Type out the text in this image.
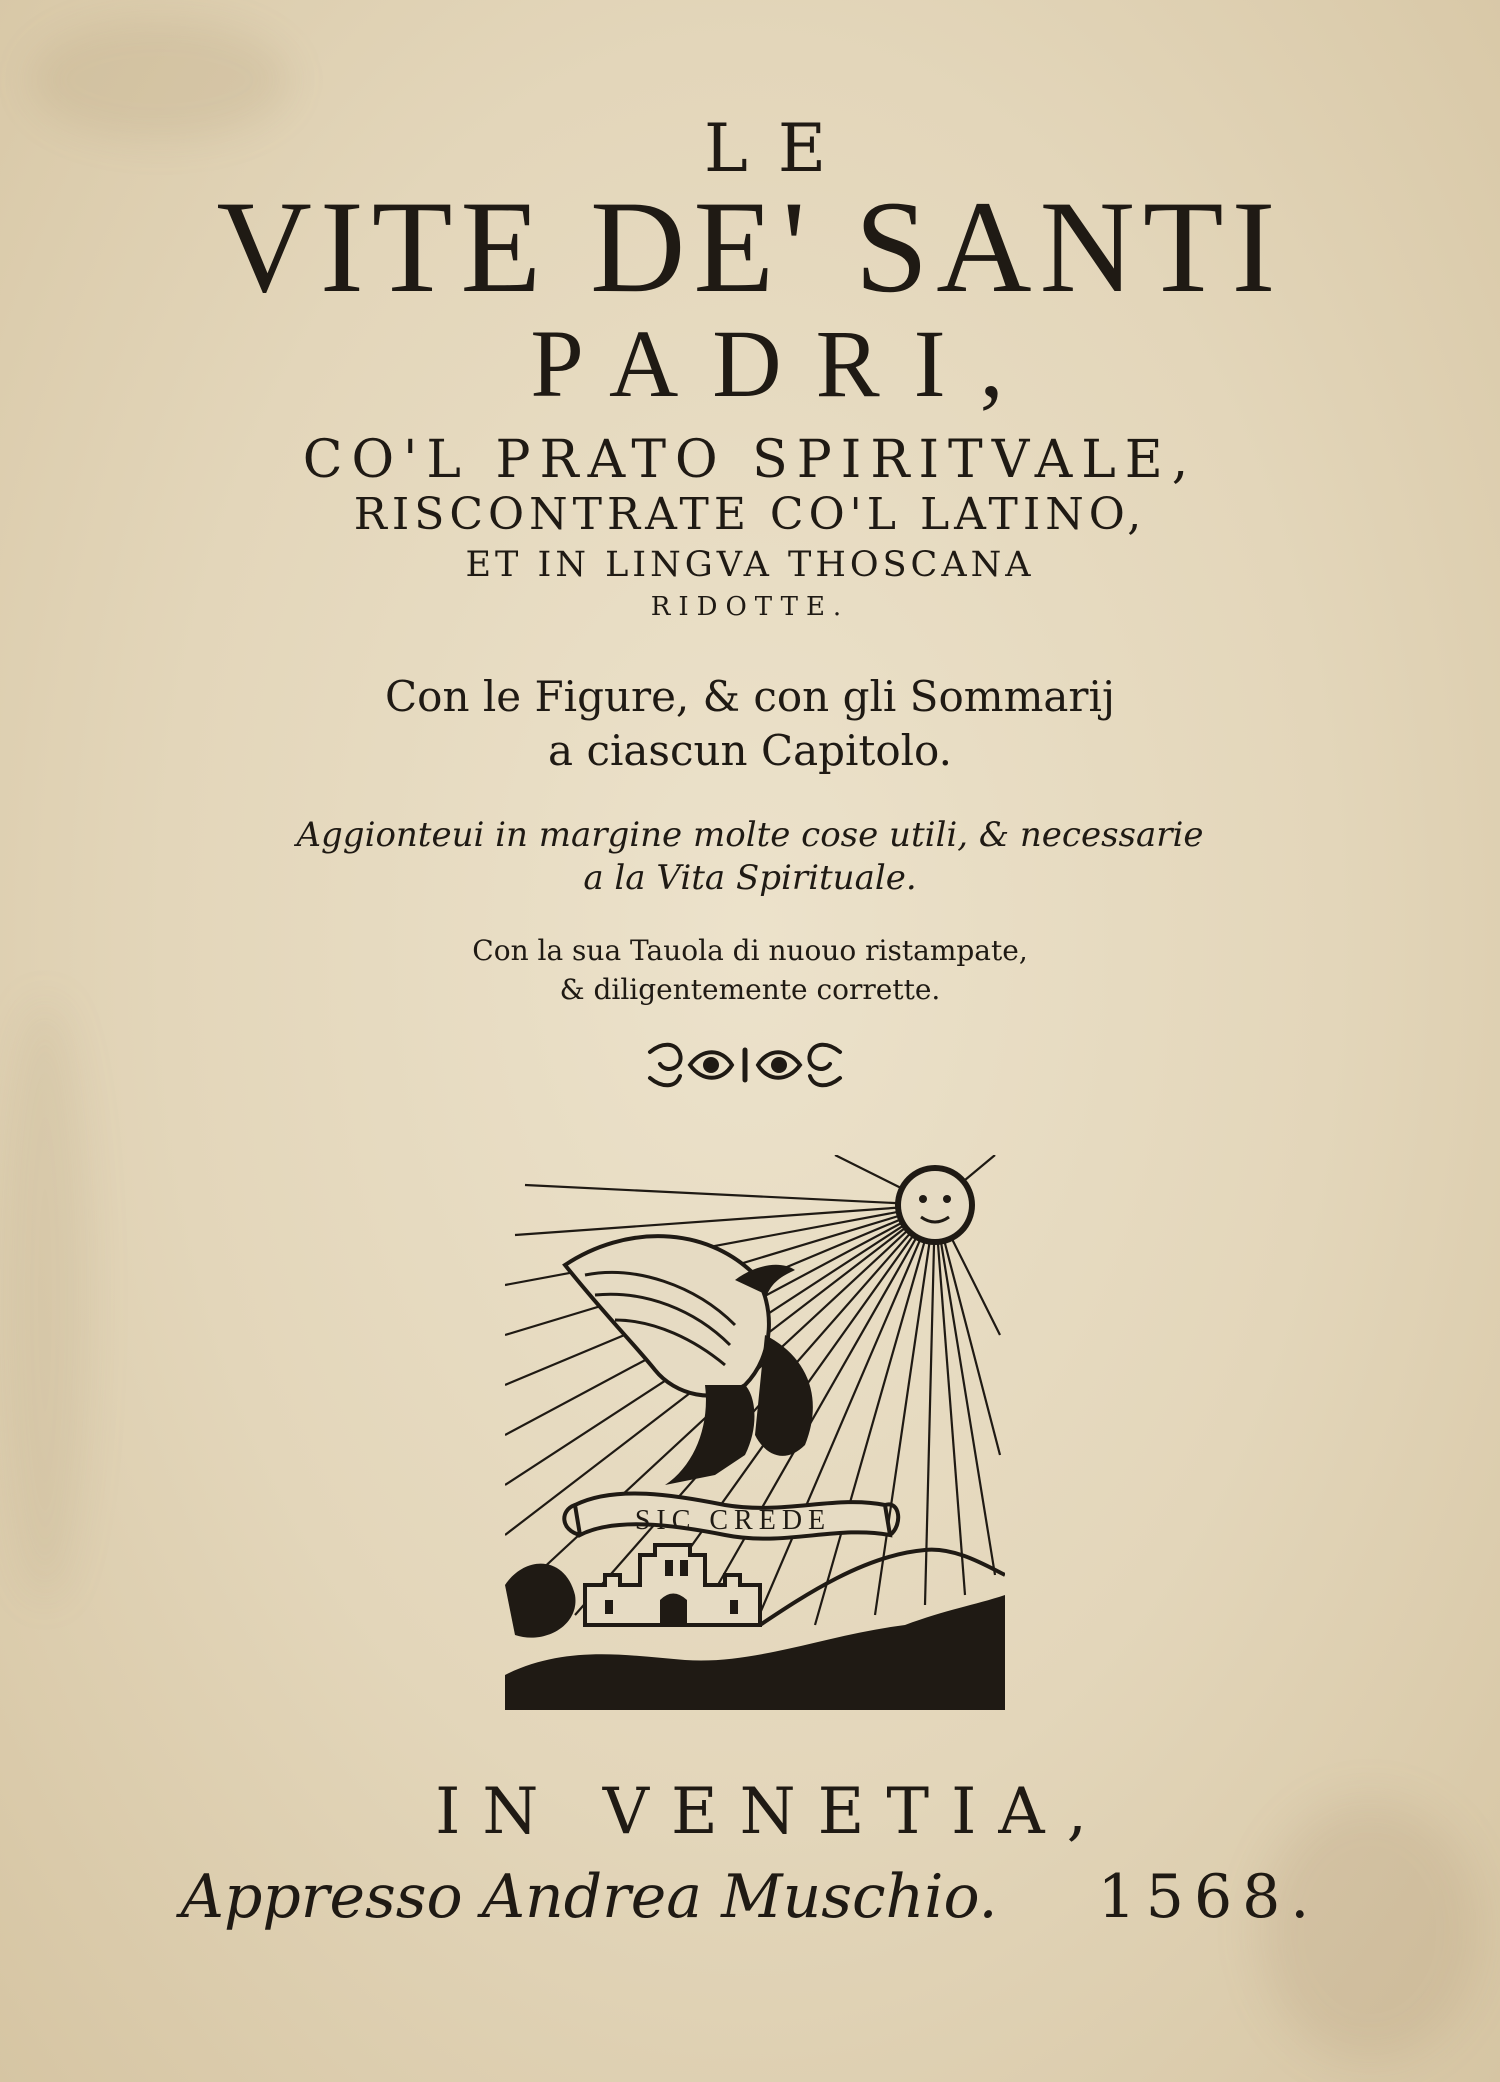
LE
VITE DE' SANTI
PADRI,
CO'L PRATO SPIRITVALE,
RISCONTRATE CO'L LATINO,
ET IN LINGVA THOSCANA
RIDOTTE.
Con le Figure, & con gli Sommarij
a ciascun Capitolo.
Aggionteui in margine molte cose utili, & necessarie
a la Vita Spirituale.
Con la sua Tauola di nuouo ristampate,
& diligentemente corrette.
SIC CREDE
IN VENETIA,
Appresso Andrea Muschio. 1568.
